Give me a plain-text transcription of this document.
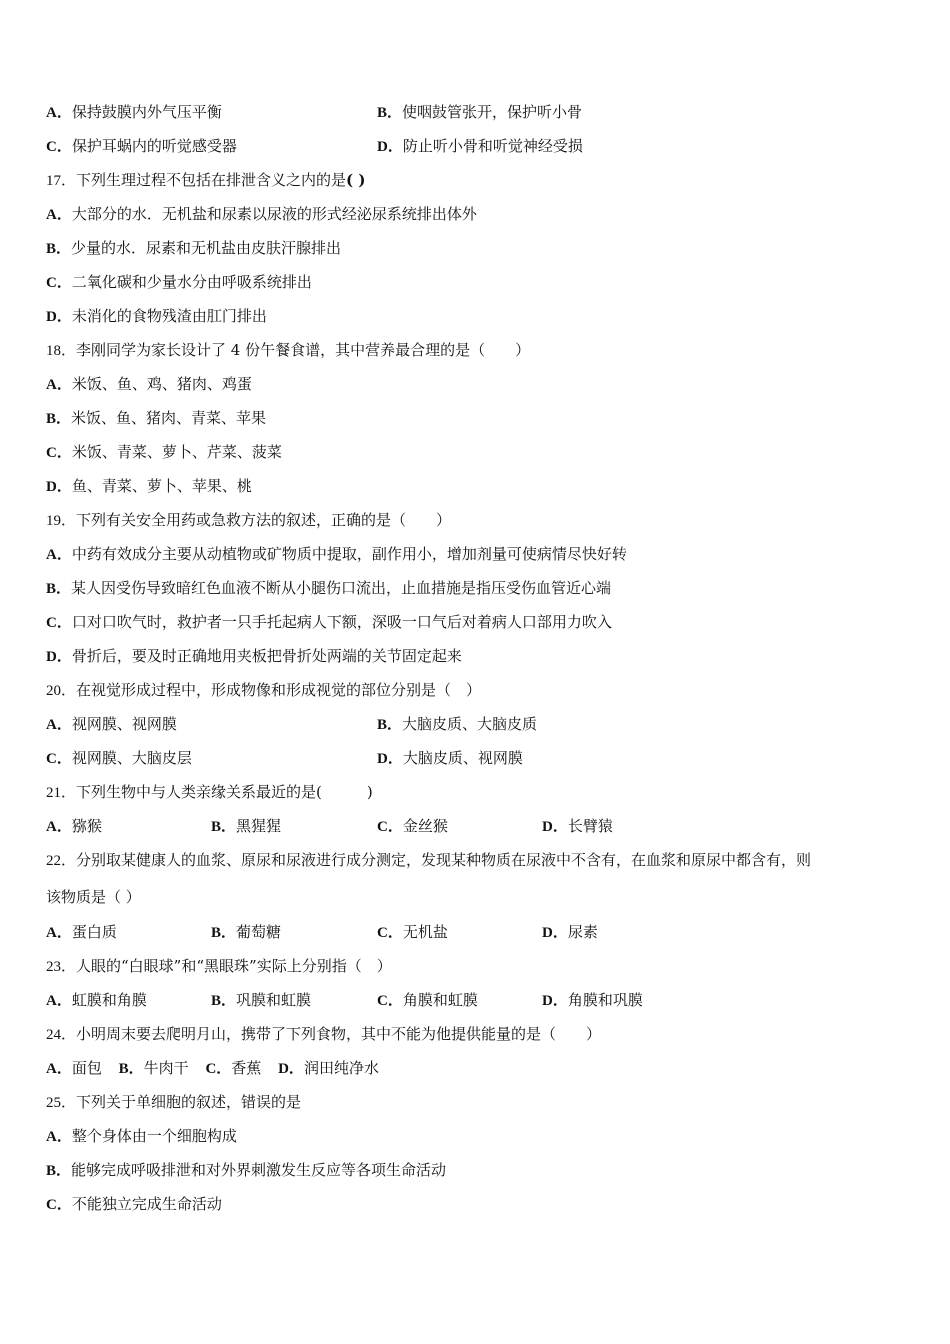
A．保持鼓膜内外气压平衡	B．使咽鼓管张开，保护听小骨
C．保护耳蜗内的听觉感受器	D．防止听小骨和听觉神经受损
17．下列生理过程不包括在排泄含义之内的是( )
A．大部分的水．无机盐和尿素以尿液的形式经泌尿系统排出体外
B．少量的水．尿素和无机盐由皮肤汗腺排出
C．二氧化碳和少量水分由呼吸系统排出
D．未消化的食物残渣由肛门排出
18．李刚同学为家长设计了 4 份午餐食谱，其中营养最合理的是（　　）
A．米饭、鱼、鸡、猪肉、鸡蛋
B．米饭、鱼、猪肉、青菜、苹果
C．米饭、青菜、萝卜、芹菜、菠菜
D．鱼、青菜、萝卜、苹果、桃
19．下列有关安全用药或急救方法的叙述，正确的是（　　）
A．中药有效成分主要从动植物或矿物质中提取，副作用小，增加剂量可使病情尽快好转
B．某人因受伤导致暗红色血液不断从小腿伤口流出，止血措施是指压受伤血管近心端
C．口对口吹气时，救护者一只手托起病人下额，深吸一口气后对着病人口部用力吹入
D．骨折后，要及时正确地用夹板把骨折处两端的关节固定起来
20．在视觉形成过程中，形成物像和形成视觉的部位分别是（　）
A．视网膜、视网膜	B．大脑皮质、大脑皮质
C．视网膜、大脑皮层	D．大脑皮质、视网膜
21．下列生物中与人类亲缘关系最近的是(　　　)
A．猕猴	B．黑猩猩	C．金丝猴	D．长臂猿
22．分别取某健康人的血浆、原尿和尿液进行成分测定，发现某种物质在尿液中不含有，在血浆和原尿中都含有，则
该物质是（ ）
A．蛋白质	B．葡萄糖	C．无机盐	D．尿素
23．人眼的“白眼球”和“黑眼珠”实际上分别指（　）
A．虹膜和角膜	B．巩膜和虹膜	C．角膜和虹膜	D．角膜和巩膜
24．小明周末要去爬明月山，携带了下列食物，其中不能为他提供能量的是（　　）
A．面包 B．牛肉干 C．香蕉 D．润田纯净水
25．下列关于单细胞的叙述，错误的是
A．整个身体由一个细胞构成
B．能够完成呼吸排泄和对外界刺激发生反应等各项生命活动
C．不能独立完成生命活动
